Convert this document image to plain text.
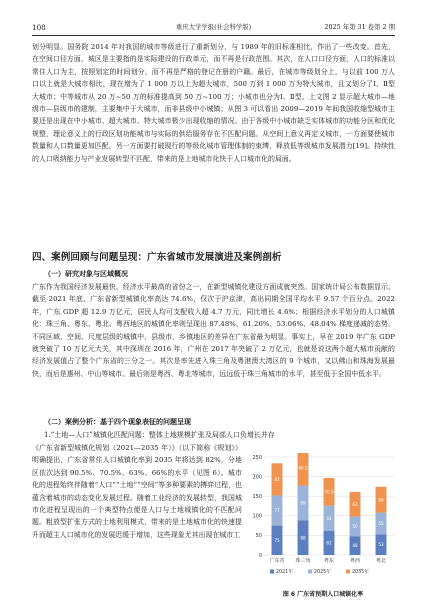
108	重庆大学学报(社会科学版)	2025 年第 31 卷第 2 期

划分明显。国务院 2014 年对我国的城市等级进行了重新划分，与 1989 年的旧标准相比，作出了一些改变。首先，在空间口径方面，城区是主要指的是实际建设的行政单元，而不再是行政范围。其次，在人口口径方面，人口的标准以常住人口为主，按照划定的时间划分，而不再是严格的登记在册的户籍。最后，在城市等级划分上，与以前 100 万人口以上就是大城市相比，现在增为了 1 000 万以上为超大城市，500 万到 1 000 万为特大城市，且又划分了Ⅰ、Ⅱ型大城市；中等城市从 20 万~50 万的标准提高到 50 万~100 万；小城市也分为Ⅰ、Ⅱ型。上文图 2 显示超大城市—地级市—县级市的建制，主要集中于大城市，而非县级中小城镇；从图 3 可以看出 2009—2019 年间我国收缩型城市主要还是出现在中小城市、超大城市、特大城市极少出现收缩的情况。由于各级中小城市缺乏实体城市的功能分区和优化规整，理论意义上的行政区划功能城市与实际的供给服务存在不匹配问题。从空间上意义再定义城市，一方面要使城市数量和人口数量更加匹配，另一方面要打破现行的等级化城市管理体制的束缚，释放低等级城市发展潜力[19]。持续性的人口吸纳能力与产业发展转型不匹配，带来的是上地城市化快于人口城市化的局面。

四、案例回顾与问题呈现：广东省城市发展演进及案例剖析

（一）研究对象与区域概况

广东作为我国经济发展最快、经济水平最高的省份之一，在新型城镇化建设方面成就突然。国家统计局公布数据显示，截至 2021 年底，广东省新型城镇化率高达 74.6%，仅次于沪京津，高出同期全国平均水平 9.57 个百分点。2022 年，广东 GDP 超 12.9 万亿元，居民人均可支配收入超 4.7 万元，同比增长 4.6%；根据经济水平划分的人口城镇化：珠三角、粤东、粤北、粤西地区的城镇化率则呈现出 87.48%、61.26%、53.06%、48.04% 梯度递减的态势。不同区域、空间、尺度层级的城镇中、县级市、乡镇地区的差异在广东省最为明显。事实上，早在 2019 年广东 GDP 就突破了 10 万亿元大关，其中深圳在 2016 年，广州在 2017 年突破了 2 万亿元，也就是说这两个超大城市贡献的经济发展值占了整个广东省的三分之一。其次是率先进入珠三角及粤港澳大湾区的 9 个城市，又以佛山和珠海发展最快，而后是惠州、中山等城市。最后则是粤西、粤北等城市，远远低于珠三角城市的水平，甚至低于全国中低水平。

（二）案例分析：基于四个现象表征的问题呈现

1.“土地—人口”城镇化匹配问题：整体上地规模扩张及局部人口负增长并存

《广东省新型城镇化规划（2021—2035 年）》（以下简称《规划》）明确提出，广东省常住人口城镇化率到 2035 年将达到 82%，分地区依次达到 90.5%、70.5%、63%、66%的水平（见图 6）。城市化的进程始终伴随着“人口”“土地”“空间”等多种要素的搏弈过程，也蕴含着城市的动态变化发展过程。随着工业经济的发展转型，我国城市化进程呈现出的一个典型特点便是人口与土地城镇化的不匹配问题。粗放型扩张方式的土地利用模式，带来的是土地城市化的快速提升而超主人口城市化的发展迟缓于增加，这些现象尤其出现在城市工

0
50
100
150
200
250
75
77
82
广东省
88
89
90.5
珠三角
62
64
70.5
粤东
48
50
63
粤西
53
55
66
粤北
2021年	2025年	2035年
图 6 广东省预期人口城镇化率
